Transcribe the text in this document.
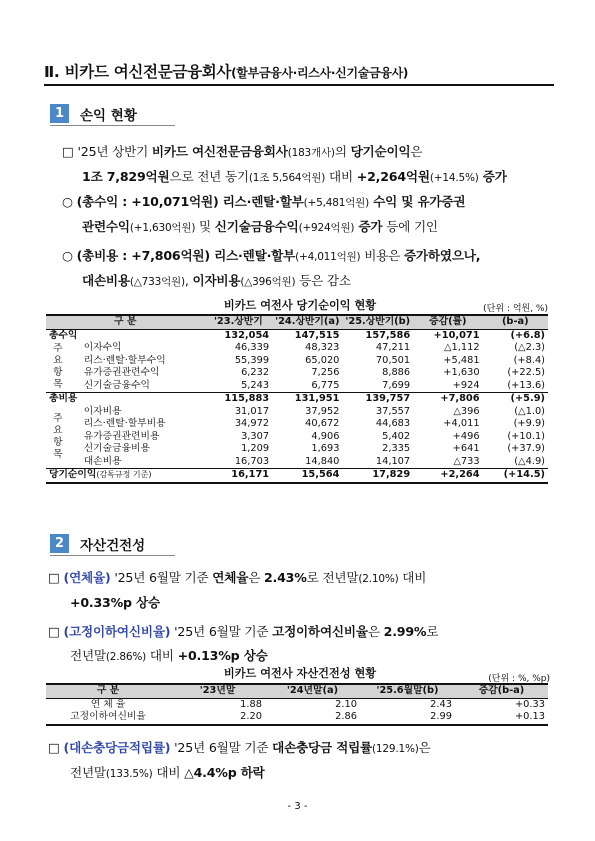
Ⅱ. 비카드 여신전문금융회사(할부금융사·리스사·신기술금융사)
1	손익 현황
□ '25년 상반기 비카드 여신전문금융회사(183개사)의 당기순이익은
1조 7,829억원으로 전년 동기(1조 5,564억원) 대비 +2,264억원(+14.5%) 증가
○ (총수익 : +10,071억원) 리스·렌탈·할부(+5,481억원) 수익 및 유가증권
관련수익(+1,630억원) 및 신기술금융수익(+924억원) 증가 등에 기인
○ (총비용 : +7,806억원) 리스·렌탈·할부(+4,011억원) 비용은 증가하였으나,
대손비용(△733억원), 이자비용(△396억원) 등은 감소
비카드 여전사 당기순이익 현황	(단위 : 억원, %)
구 분		'23.상반기	'24.상반기(a)	'25.상반기(b)	증감(률)	(b-a)
총수익		132,054	147,515	157,586	+10,071	(+6.8)
주요항목	이자수익	46,339	48,323	47,211	△1,112	(△2.3)
	리스·렌탈·할부수익	55,399	65,020	70,501	+5,481	(+8.4)
	유가증권관련수익	6,232	7,256	8,886	+1,630	(+22.5)
	신기술금융수익	5,243	6,775	7,699	+924	(+13.6)
총비용		115,883	131,951	139,757	+7,806	(+5.9)
주요항목	이자비용	31,017	37,952	37,557	△396	(△1.0)
	리스·렌탈·할부비용	34,972	40,672	44,683	+4,011	(+9.9)
	유가증권관련비용	3,307	4,906	5,402	+496	(+10.1)
	신기술금융비용	1,209	1,693	2,335	+641	(+37.9)
	대손비용	16,703	14,840	14,107	△733	(△4.9)
당기순이익(감독규정 기준)		16,171	15,564	17,829	+2,264	(+14.5)
2	자산건전성
□ (연체율) '25년 6월말 기준 연체율은 2.43%로 전년말(2.10%) 대비
+0.33%p 상승
□ (고정이하여신비율) '25년 6월말 기준 고정이하여신비율은 2.99%로
전년말(2.86%) 대비 +0.13%p 상승
비카드 여전사 자산건전성 현황	(단위 : %, %p)
구 분	'23년말	'24년말(a)	'25.6월말(b)	증감(b-a)
연 체 율	1.88	2.10	2.43	+0.33
고정이하여신비율	2.20	2.86	2.99	+0.13
□ (대손충당금적립률) '25년 6월말 기준 대손충당금 적립률(129.1%)은
전년말(133.5%) 대비 △4.4%p 하락
- 3 -
